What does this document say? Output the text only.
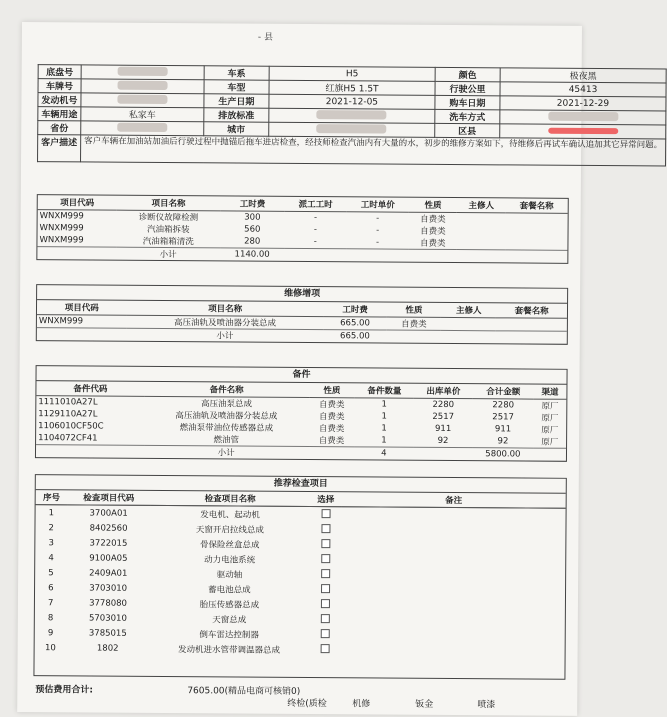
- 县
底盘号		车系	H5	颜色	极夜黑
车牌号		车型	红旗H5 1.5T	行驶公里	45413
发动机号		生产日期	2021-12-05	购车日期	2021-12-29
车辆用途	私家车	排放标准		洗车方式	
省份		城市		区县	
客户描述	客户车辆在加油站加油后行驶过程中抛锚后拖车进店检查，经技师检查汽油内有大量的水，初步的维修方案如下，待维修后再试车确认追加其它异常问题。				
项目代码	项目名称	工时费	派工工时	工时单价	性质	主修人	套餐名称
WNXM999	诊断仪故障检测	300	-	-	自费类		
WNXM999	汽油箱拆装	560	-	-	自费类		
WNXM999	汽油箱箱清洗	280	-	-	自费类		
	小计	1140.00					
维修增项
项目代码	项目名称	工时费	性质	主修人	套餐名称
WNXM999	高压油轨及喷油器分装总成	665.00	自费类		
	小计	665.00			
备件
备件代码	备件名称	性质	备件数量	出库单价	合计金额	渠道
1111010A27L	高压油泵总成	自费类	1	2280	2280	原厂
1129110A27L	高压油轨及喷油器分装总成	自费类	1	2517	2517	原厂
1106010CF50C	燃油泵带油位传感器总成	自费类	1	911	911	原厂
1104072CF41	燃油管	自费类	1	92	92	原厂
	小计		4		5800.00	
推荐检查项目
序号	检查项目代码	检查项目名称	选择	备注
1	3700A01	发电机、起动机		
2	8402560	天窗开启拉线总成		
3	3722015	骨保险丝盒总成		
4	9100A05	动力电池系统		
5	2409A01	驱动轴		
6	3703010	蓄电池总成		
7	3778080	胎压传感器总成		
8	5703010	天窗总成		
9	3785015	倒车雷达控制器		
10	1802	发动机进水管带调温器总成		
预估费用合计:	7605.00(精品电商可核销0)
终检(质检	机修	钣金	喷漆
